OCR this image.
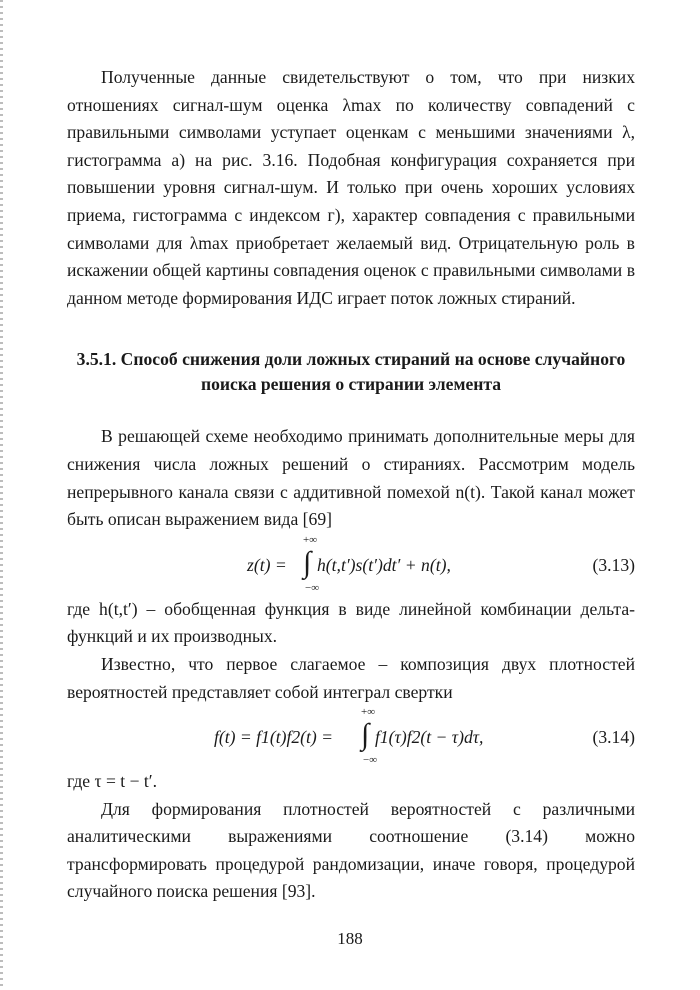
Полученные данные свидетельствуют о том, что при низких отношениях сигнал-шум оценка λmax по количеству совпадений с правильными символами уступает оценкам с меньшими значениями λ, гистограмма а) на рис. 3.16. Подобная конфигурация сохраняется при повышении уровня сигнал-шум. И только при очень хороших условиях приема, гистограмма с индексом г), характер совпадения с правильными символами для λmax приобретает желаемый вид. Отрицательную роль в искажении общей картины совпадения оценок с правильными символами в данном методе формирования ИДС играет поток ложных стираний.

3.5.1. Способ снижения доли ложных стираний на основе случайного
поиска решения о стирании элемента

В решающей схеме необходимо принимать дополнительные меры для снижения числа ложных решений о стираниях. Рассмотрим модель непрерывного канала связи с аддитивной помехой n(t). Такой канал может быть описан выражением вида [69]

z(t) =
+∞
∫
−∞
h(t,t′)s(t′)dt′ + n(t),	(3.13)

где h(t,t′) – обобщенная функция в виде линейной комбинации дельта-функций и их производных.

Известно, что первое слагаемое – композиция двух плотностей вероятностей представляет собой интеграл свертки

f(t) = f1(t)f2(t) =
+∞
∫
−∞
f1(τ)f2(t − τ)dτ,	(3.14)

где τ = t − t′.

Для формирования плотностей вероятностей с различными аналитическими выражениями соотношение (3.14) можно трансформировать процедурой рандомизации, иначе говоря, процедурой случайного поиска решения [93].

188
